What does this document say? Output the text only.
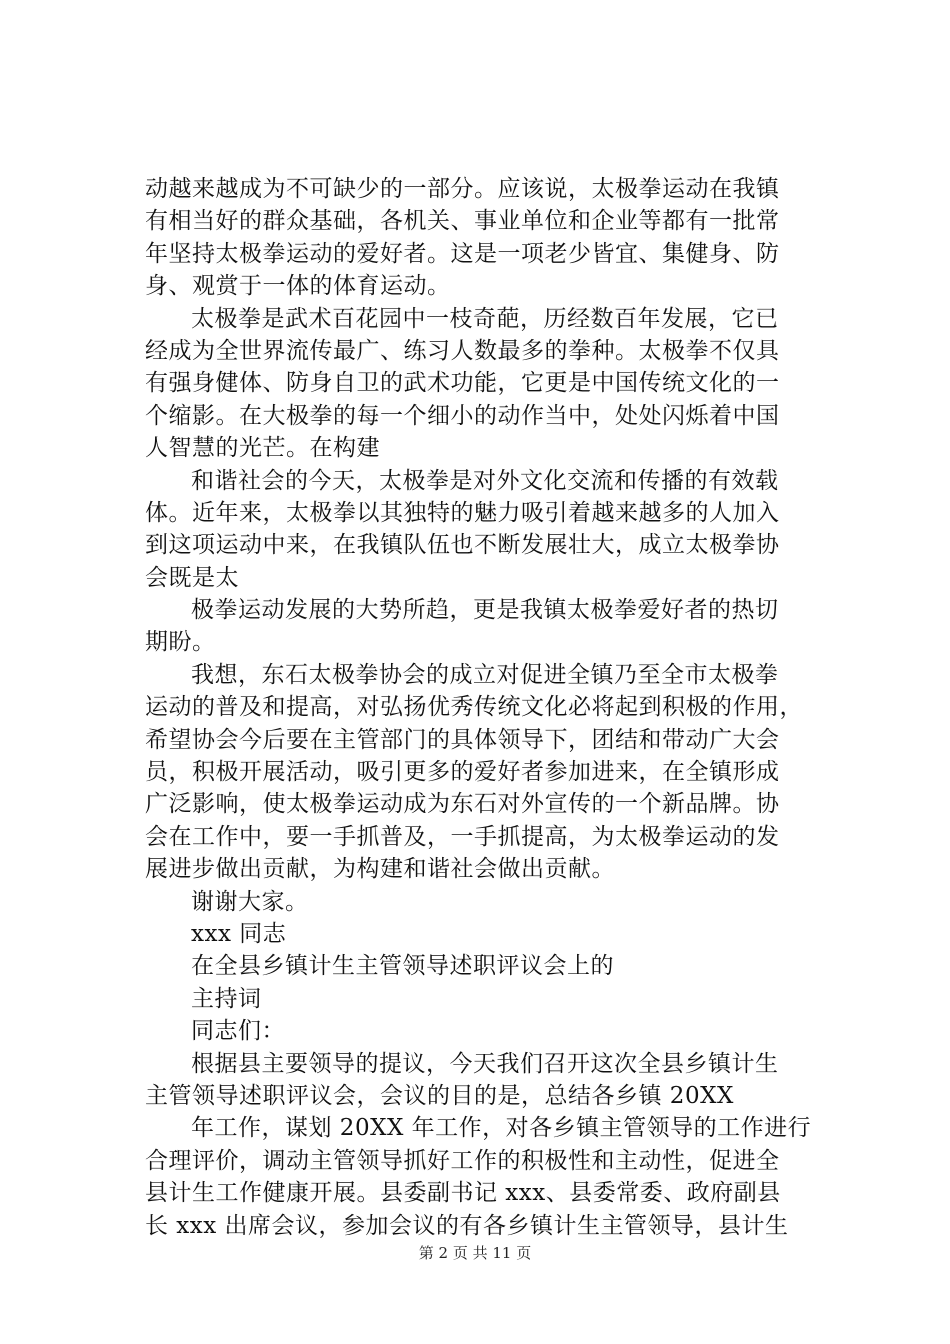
动越来越成为不可缺少的一部分。应该说，太极拳运动在我镇
有相当好的群众基础，各机关、事业单位和企业等都有一批常
年坚持太极拳运动的爱好者。这是一项老少皆宜、集健身、防
身、观赏于一体的体育运动。
太极拳是武术百花园中一枝奇葩，历经数百年发展，它已
经成为全世界流传最广、练习人数最多的拳种。太极拳不仅具
有强身健体、防身自卫的武术功能，它更是中国传统文化的一
个缩影。在大极拳的每一个细小的动作当中，处处闪烁着中国
人智慧的光芒。在构建
和谐社会的今天，太极拳是对外文化交流和传播的有效载
体。近年来，太极拳以其独特的魅力吸引着越来越多的人加入
到这项运动中来，在我镇队伍也不断发展壮大，成立太极拳协
会既是太
极拳运动发展的大势所趋，更是我镇太极拳爱好者的热切
期盼。
我想，东石太极拳协会的成立对促进全镇乃至全市太极拳
运动的普及和提高，对弘扬优秀传统文化必将起到积极的作用，
希望协会今后要在主管部门的具体领导下，团结和带动广大会
员，积极开展活动，吸引更多的爱好者参加进来，在全镇形成
广泛影响，使太极拳运动成为东石对外宣传的一个新品牌。协
会在工作中，要一手抓普及，一手抓提高，为太极拳运动的发
展进步做出贡献，为构建和谐社会做出贡献。
谢谢大家。
xxx 同志
在全县乡镇计生主管领导述职评议会上的
主持词
同志们：
根据县主要领导的提议，今天我们召开这次全县乡镇计生
主管领导述职评议会，会议的目的是，总结各乡镇 20XX
年工作，谋划 20XX 年工作，对各乡镇主管领导的工作进行
合理评价，调动主管领导抓好工作的积极性和主动性，促进全
县计生工作健康开展。县委副书记 xxx、县委常委、政府副县
长 xxx 出席会议，参加会议的有各乡镇计生主管领导，县计生
第 2 页 共 11 页
